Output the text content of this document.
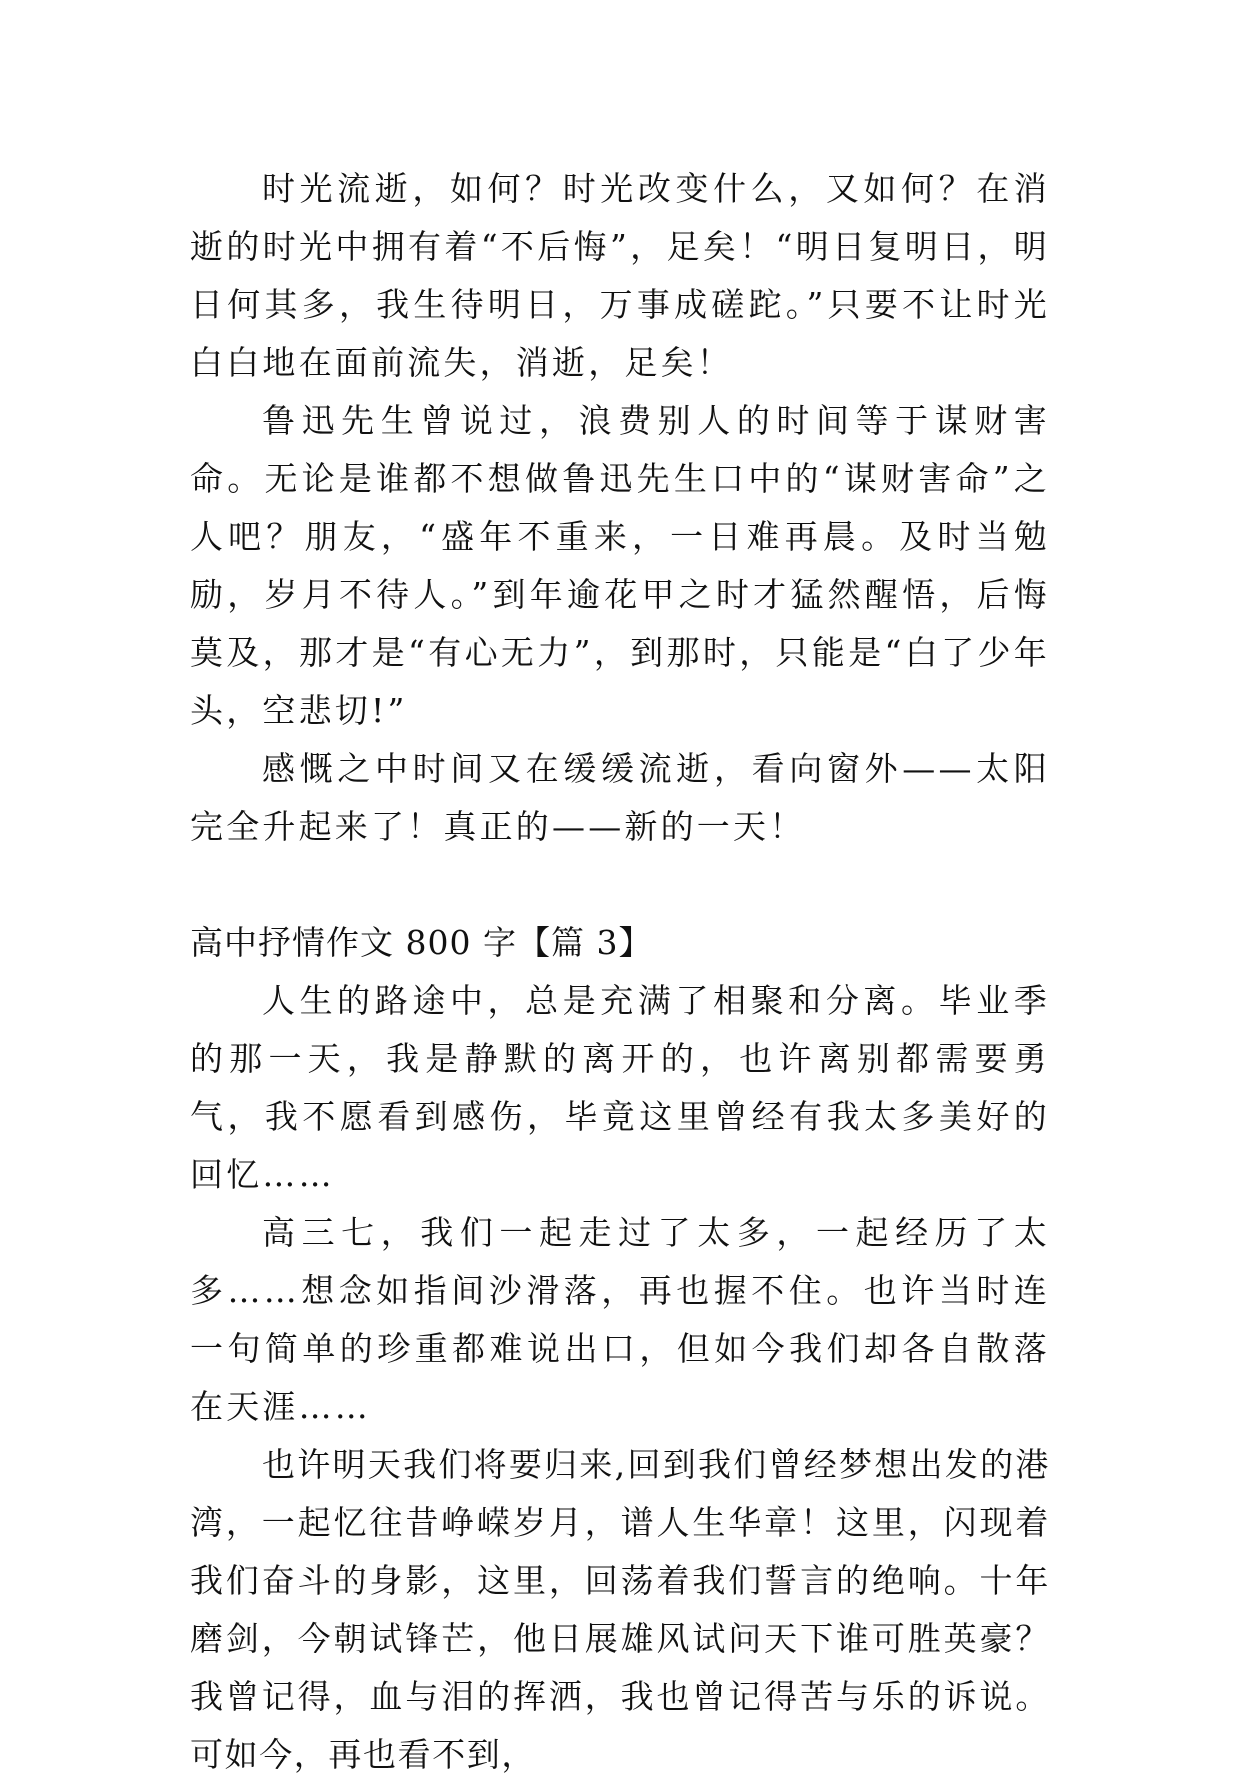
时光流逝，如何？时光改变什么，又如何？在消逝的时光中拥有着“不后悔”，足矣！“明日复明日，明日何其多，我生待明日，万事成磋跎。”只要不让时光白白地在面前流失，消逝，足矣！

鲁迅先生曾说过，浪费别人的时间等于谋财害命。无论是谁都不想做鲁迅先生口中的“谋财害命”之人吧？朋友，“盛年不重来，一日难再晨。及时当勉励，岁月不待人。”到年逾花甲之时才猛然醒悟，后悔莫及，那才是“有心无力”，到那时，只能是“白了少年头，空悲切!”

感慨之中时间又在缓缓流逝，看向窗外——太阳完全升起来了！真正的——新的一天！

高中抒情作文 800 字【篇 3】

人生的路途中，总是充满了相聚和分离。毕业季的那一天，我是静默的离开的，也许离别都需要勇气，我不愿看到感伤，毕竟这里曾经有我太多美好的回忆……

高三七，我们一起走过了太多，一起经历了太多……想念如指间沙滑落，再也握不住。也许当时连一句简单的珍重都难说出口，但如今我们却各自散落在天涯……

也许明天我们将要归来,回到我们曾经梦想出发的港湾，一起忆往昔峥嵘岁月，谱人生华章！这里，闪现着我们奋斗的身影，这里，回荡着我们誓言的绝响。十年磨剑，今朝试锋芒，他日展雄风试问天下谁可胜英豪？我曾记得，血与泪的挥洒，我也曾记得苦与乐的诉说。可如今，再也看不到，
